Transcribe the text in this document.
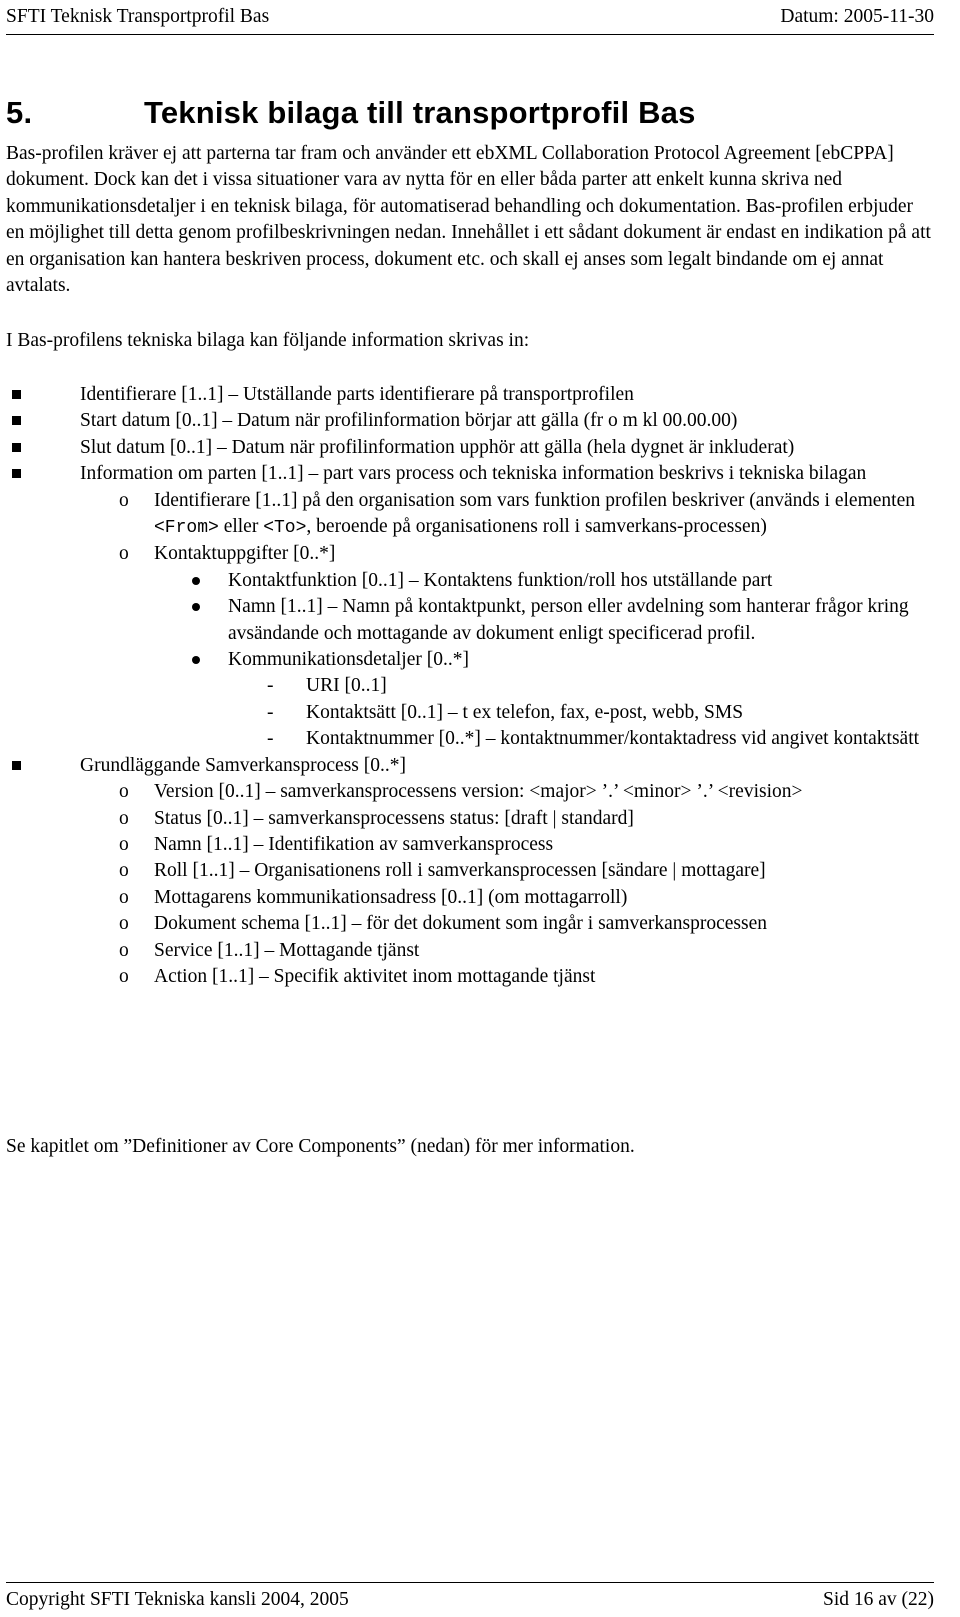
SFTI Teknisk Transportprofil Bas	Datum: 2005-11-30
5.	Teknisk bilaga till transportprofil Bas

Bas-profilen kräver ej att parterna tar fram och använder ett ebXML Collaboration Protocol Agreement [ebCPPA] dokument. Dock kan det i vissa situationer vara av nytta för en eller båda parter att enkelt kunna skriva ned kommunikationsdetaljer i en teknisk bilaga, för automatiserad behandling och dokumentation. Bas-profilen erbjuder en möjlighet till detta genom profilbeskrivningen nedan. Innehållet i ett sådant dokument är endast en indikation på att en organisation kan hantera beskriven process, dokument etc. och skall ej anses som legalt bindande om ej annat avtalats.

I Bas-profilens tekniska bilaga kan följande information skrivas in:

Identifierare [1..1] – Utställande parts identifierare på transportprofilen
Start datum [0..1] – Datum när profilinformation börjar att gälla (fr o m kl 00.00.00)
Slut datum [0..1] – Datum när profilinformation upphör att gälla (hela dygnet är inkluderat)
Information om parten [1..1] – part vars process och tekniska information beskrivs i tekniska bilagan
o Identifierare [1..1] på den organisation som vars funktion profilen beskriver (används i elementen <From> eller <To>, beroende på organisationens roll i samverkans-processen)
o Kontaktuppgifter [0..*]
Kontaktfunktion [0..1] – Kontaktens funktion/roll hos utställande part
Namn [1..1] – Namn på kontaktpunkt, person eller avdelning som hanterar frågor kring avsändande och mottagande av dokument enligt specificerad profil.
Kommunikationsdetaljer [0..*]
- URI [0..1]
- Kontaktsätt [0..1] – t ex telefon, fax, e-post, webb, SMS
- Kontaktnummer [0..*] – kontaktnummer/kontaktadress vid angivet kontaktsätt
Grundläggande Samverkansprocess [0..*]
o Version [0..1] – samverkansprocessens version: <major> ’.’ <minor> ’.’ <revision>
o Status [0..1] – samverkansprocessens status: [draft | standard]
o Namn [1..1] – Identifikation av samverkansprocess
o Roll [1..1] – Organisationens roll i samverkansprocessen [sändare | mottagare]
o Mottagarens kommunikationsadress [0..1] (om mottagarroll)
o Dokument schema [1..1] – för det dokument som ingår i samverkansprocessen
o Service [1..1] – Mottagande tjänst
o Action [1..1] – Specifik aktivitet inom mottagande tjänst

Se kapitlet om ”Definitioner av Core Components” (nedan) för mer information.

Copyright SFTI Tekniska kansli 2004, 2005	Sid 16 av (22)
